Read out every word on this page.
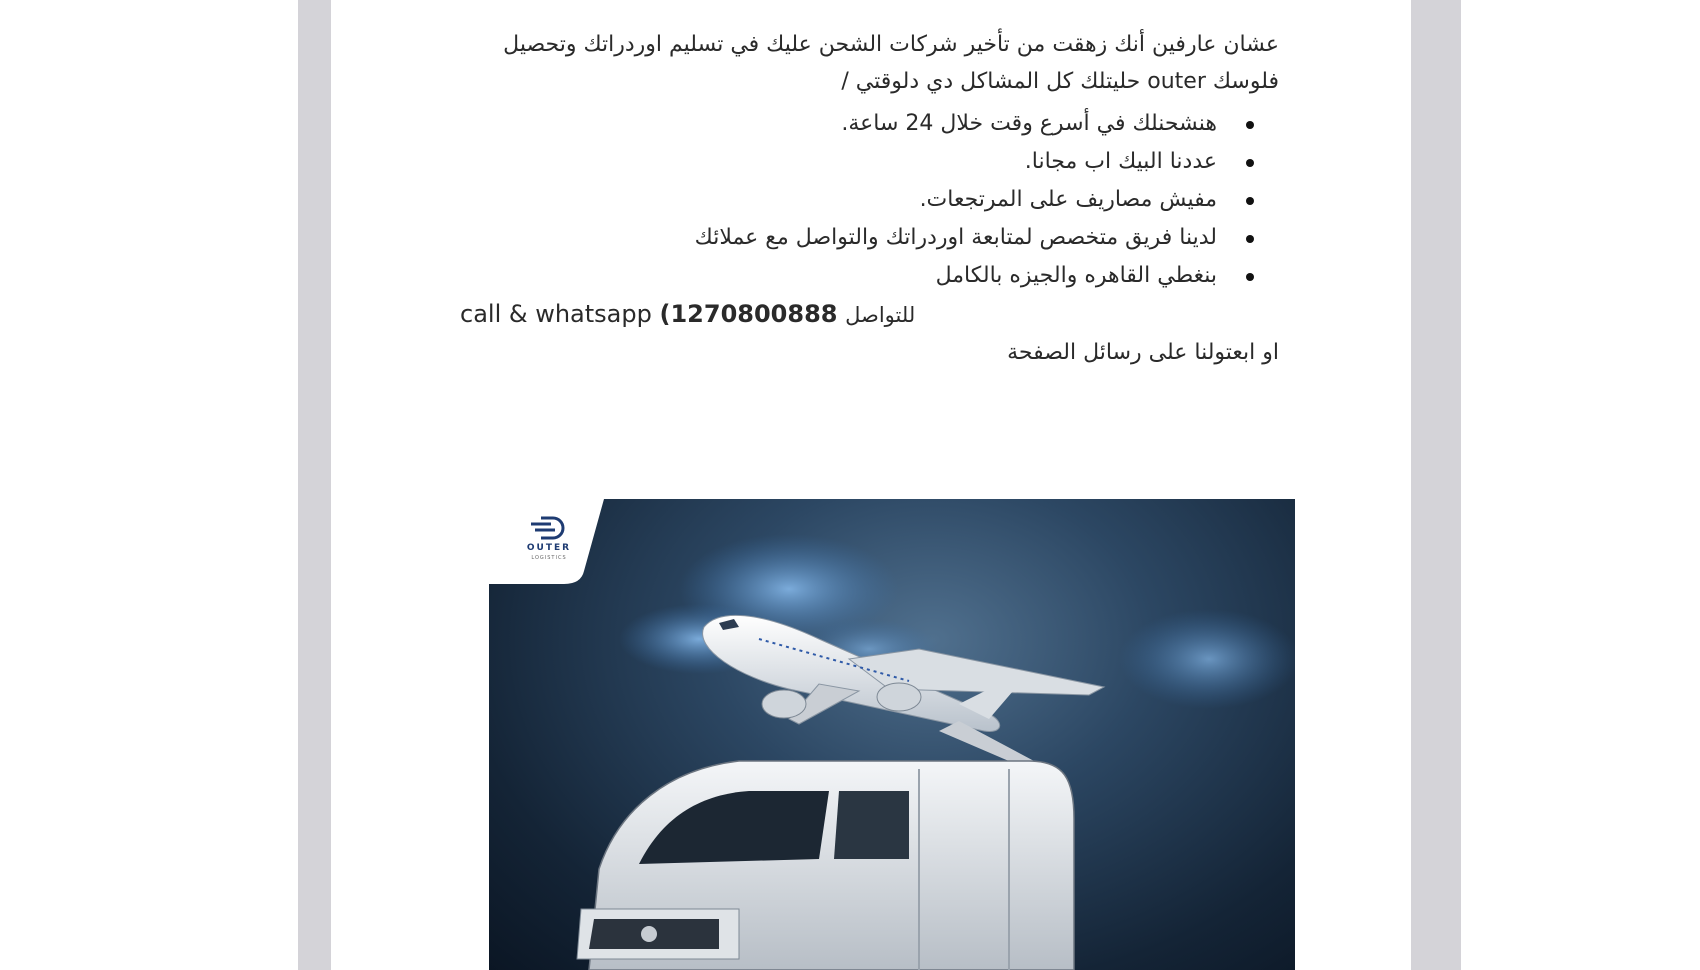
عشان عارفين أنك زهقت من تأخير شركات الشحن عليك في تسليم اوردراتك وتحصيل
فلوسك outer حليتلك كل المشاكل دي دلوقتي /
هنشحنلك في أسرع وقت خلال 24 ساعة.
عددنا البيك اب مجانا.
مفيش مصاريف على المرتجعات.
لدينا فريق متخصص لمتابعة اوردراتك والتواصل مع عملائك
بنغطي القاهره والجيزه بالكامل
call & whatsapp (1270800888 للتواصل
او ابعتولنا على رسائل الصفحة
OUTER
LOGISTICS
